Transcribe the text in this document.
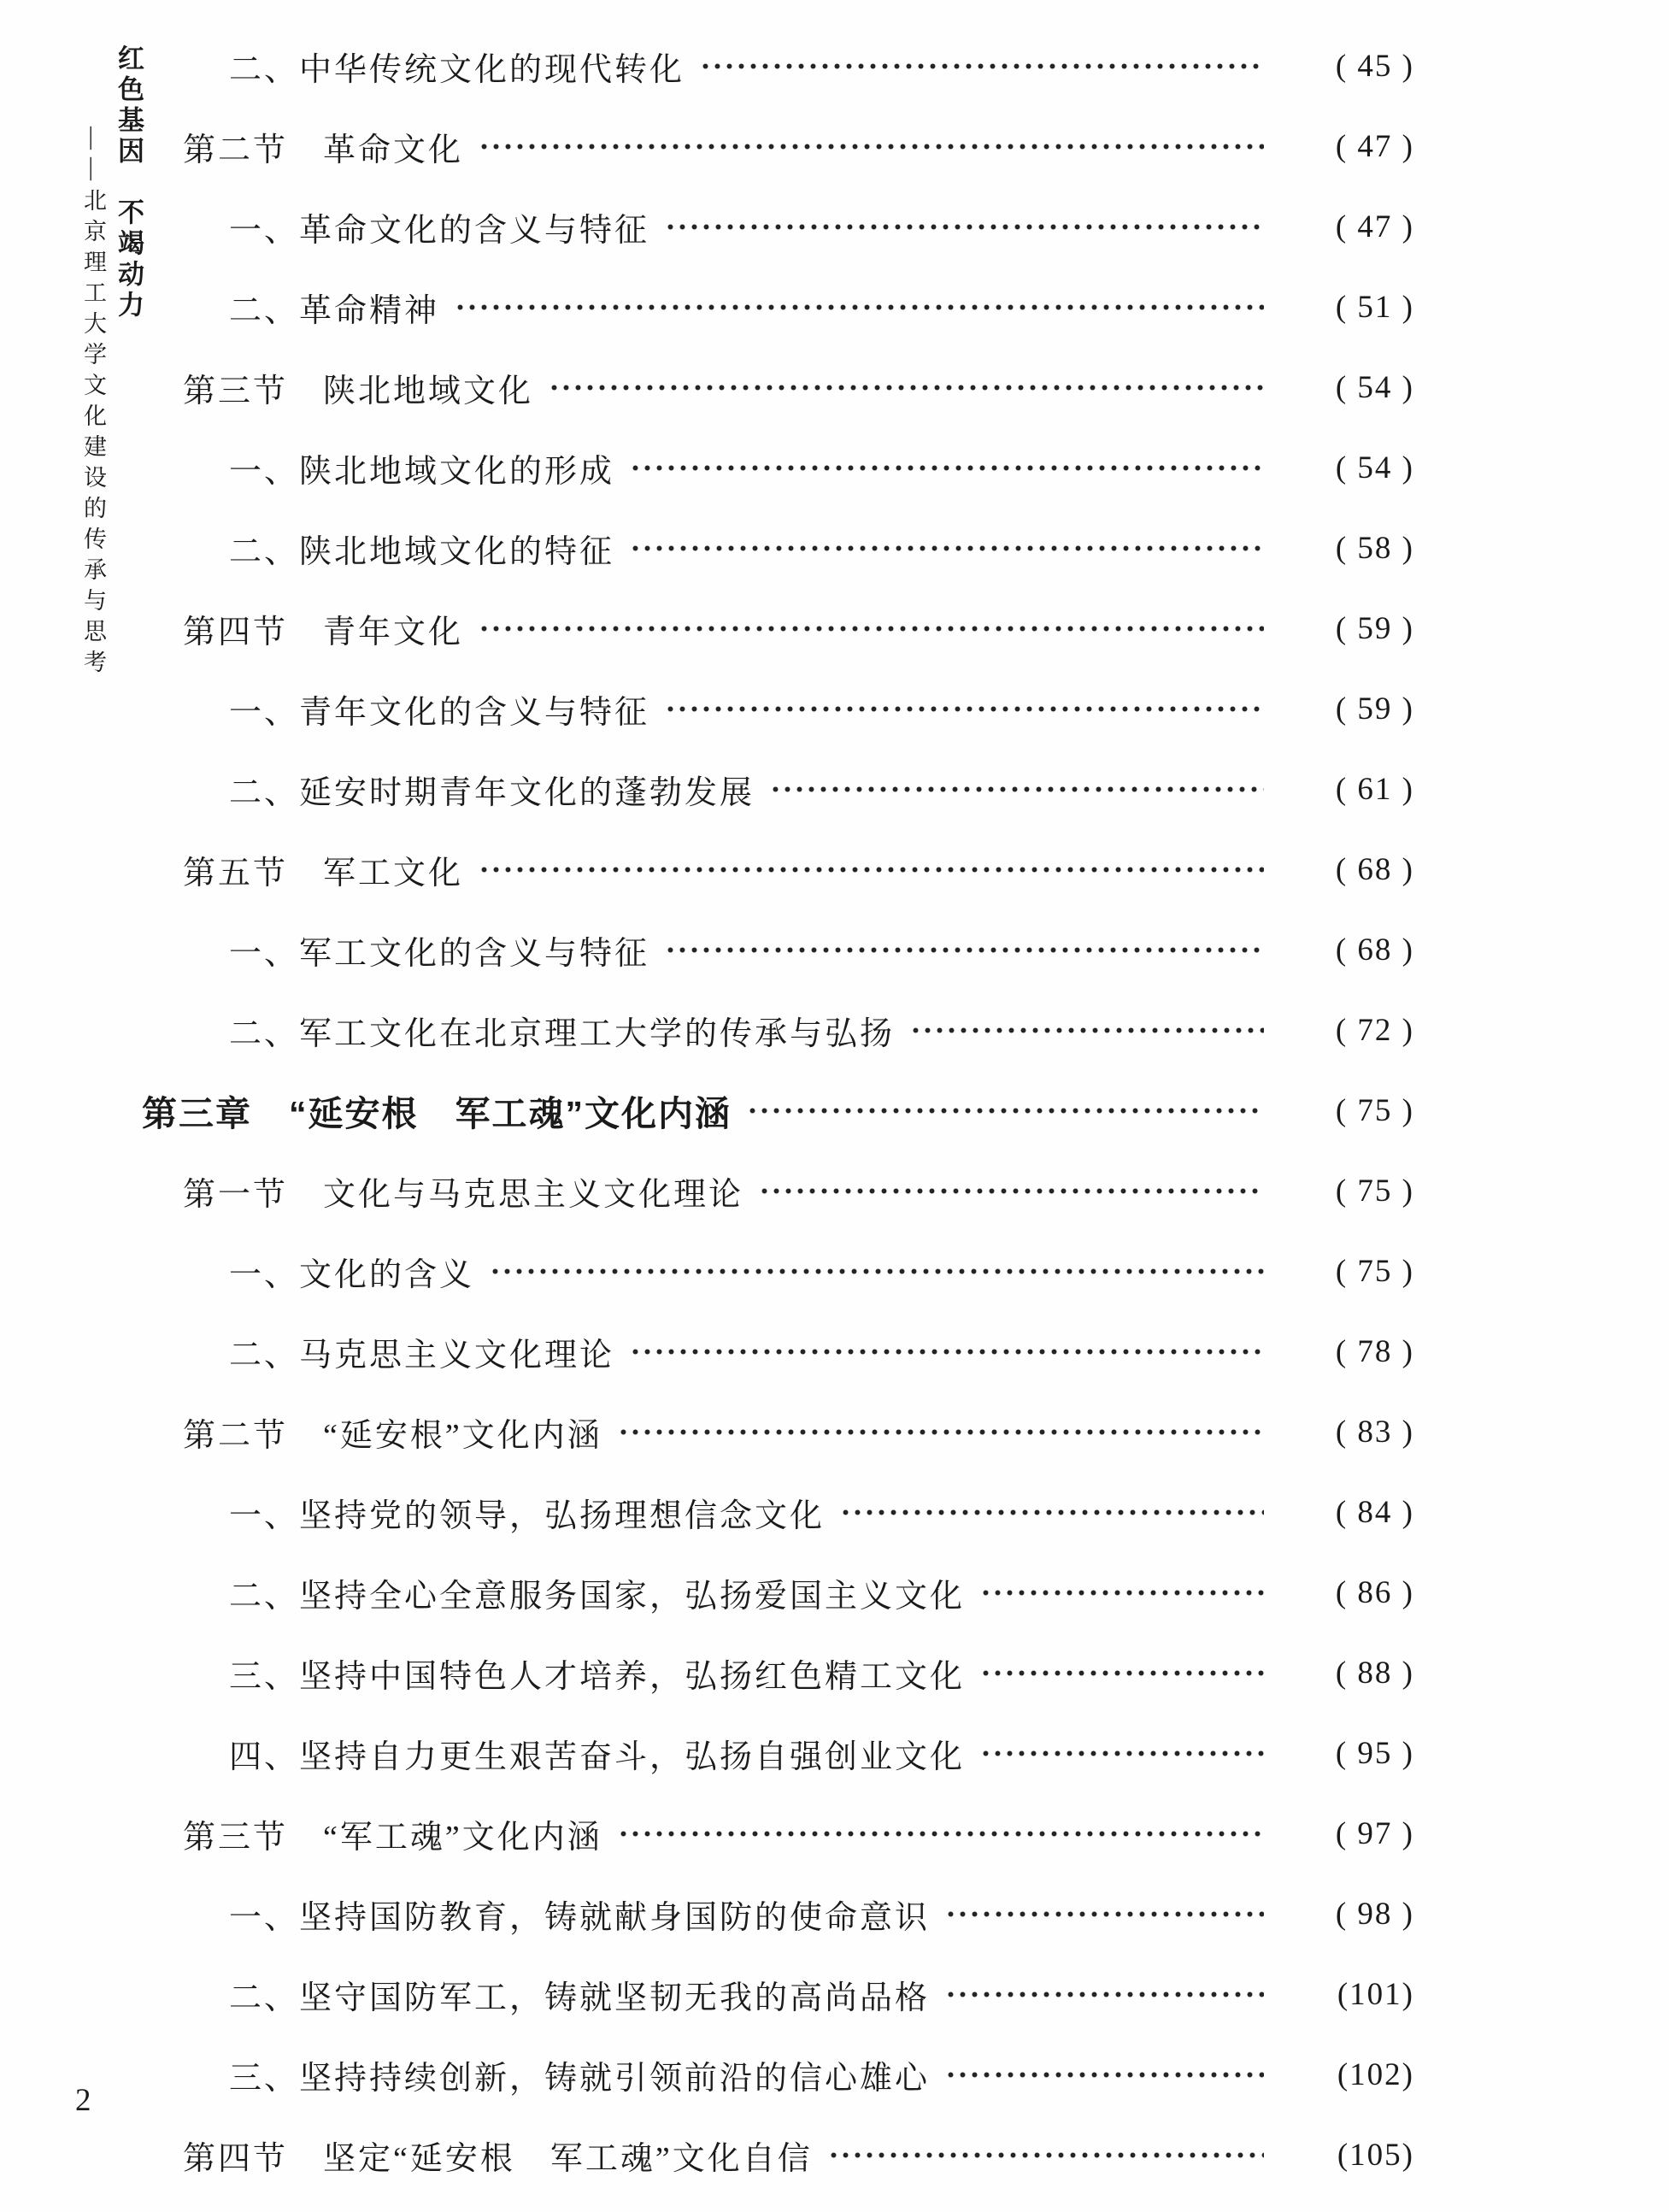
红色基因　不竭动力
——北京理工大学文化建设的传承与思考
2
二、中华传统文化的现代转化	( 45 )
第二节　革命文化	( 47 )
一、革命文化的含义与特征	( 47 )
二、革命精神	( 51 )
第三节　陕北地域文化	( 54 )
一、陕北地域文化的形成	( 54 )
二、陕北地域文化的特征	( 58 )
第四节　青年文化	( 59 )
一、青年文化的含义与特征	( 59 )
二、延安时期青年文化的蓬勃发展	( 61 )
第五节　军工文化	( 68 )
一、军工文化的含义与特征	( 68 )
二、军工文化在北京理工大学的传承与弘扬	( 72 )
第三章　“延安根　军工魂”文化内涵	( 75 )
第一节　文化与马克思主义文化理论	( 75 )
一、文化的含义	( 75 )
二、马克思主义文化理论	( 78 )
第二节　“延安根”文化内涵	( 83 )
一、坚持党的领导，弘扬理想信念文化	( 84 )
二、坚持全心全意服务国家，弘扬爱国主义文化	( 86 )
三、坚持中国特色人才培养，弘扬红色精工文化	( 88 )
四、坚持自力更生艰苦奋斗，弘扬自强创业文化	( 95 )
第三节　“军工魂”文化内涵	( 97 )
一、坚持国防教育，铸就献身国防的使命意识	( 98 )
二、坚守国防军工，铸就坚韧无我的高尚品格	(101)
三、坚持持续创新，铸就引领前沿的信心雄心	(102)
第四节　坚定“延安根　军工魂”文化自信	(105)
